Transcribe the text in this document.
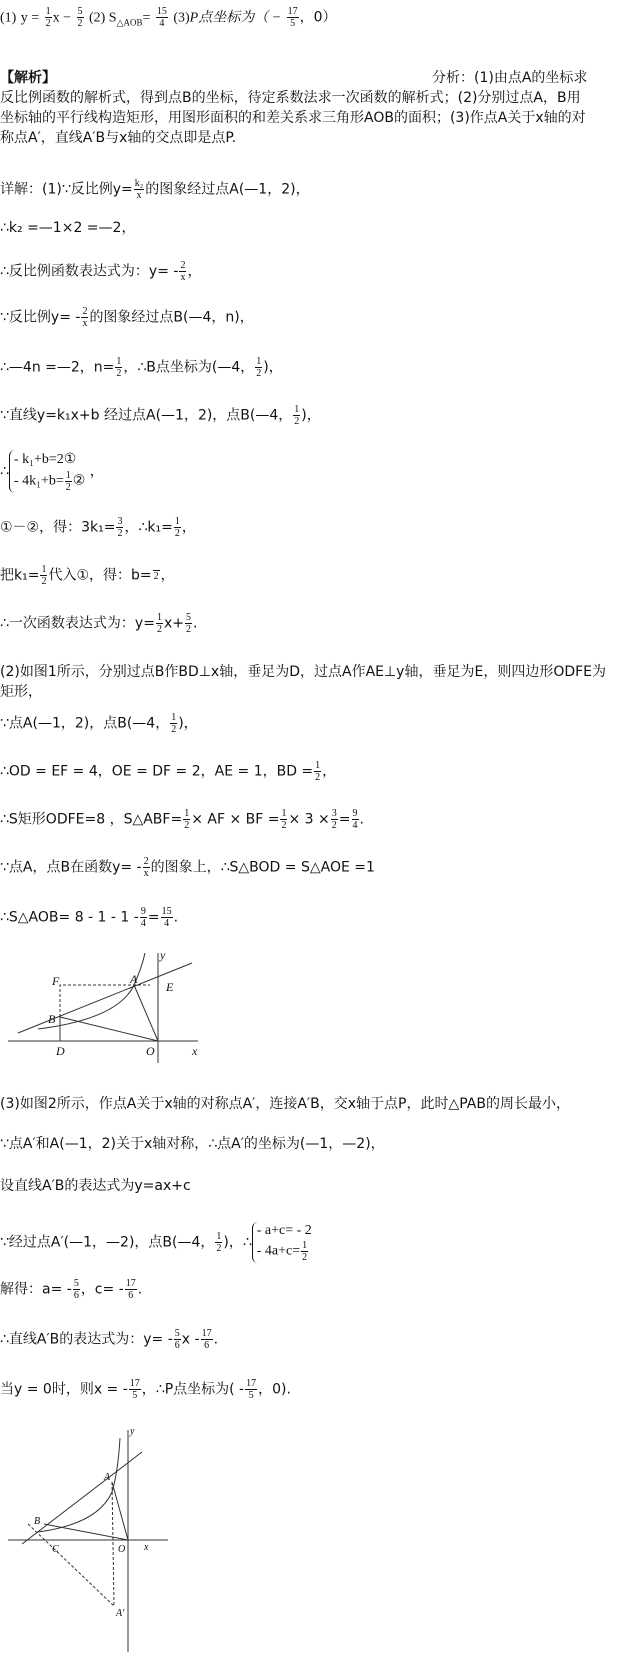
(1) $y = \frac{1}{2}$ $x - \frac{5}{2} (2)$ $S_{\triangle AOB}= \frac{15}{4} (3)P$点坐标为（ − $\frac{17}{5}$ ，0）
【解析】	分析：(1)由点A的坐标求
反比例函数的解析式，得到点B的坐标，待定系数法求一次函数的解析式；(2)分别过点A，B用
坐标轴的平行线构造矩形，用图形面积的和差关系求三角形AOB的面积；(3)作点A关于x轴的对
称点A′，直线A′B与x轴的交点即是点P.
详解：(1)∵反比例$y= \frac{\text{k₂}}{x}$ 的图象经过点A(—1，2)，
∴k₂ =—1×2 =—2，
∴反比例函数表达式为：$y= - \frac{2}{x}$ ，
∵反比例$y= - \frac{2}{x}$ 的图象经过点B(—4，n)，
∴—4n =—2，$n= \frac{1}{2}$ ，∴B点坐标为(—4， $\frac{1}{2}$ )，
∵直线y=k₁x+b 经过点A(—1，2)，点B(—4， $\frac{1}{2}$ )，
∴- k₁+b=2①
- $4k_1+b= \frac{1}{2}$ ② ，
①－②，得：$3k_1= \frac{3}{2}$ ，∴k₁= $\frac{1}{2}$ ，
把$k_1= \frac{1}{2}$ 代入①，得：b= 2 ，
∴一次函数表达式为：$y= \frac{1}{2} x+ \frac{5}{2}$ .
(2)如图1所示，分别过点B作BD⊥x轴，垂足为D，过点A作AE⊥y轴，垂足为E，则四边形ODFE为
矩形，
∵点A(—1，2)，点B(—4， $\frac{1}{2}$ )，
∴OD = EF = 4，OE = DF = 2，AE = 1，BD = $\frac{1}{2}$ ，
∴S矩形ODFE=8 ，S△ABF= $\frac{1}{2}$ × AF × BF = $\frac{1}{2} \times 3 \times \frac{3}{2} = \frac{9}{4}$ .
∵点A，点B在函数$y= - \frac{2}{x}$ 的图象上，∴S△BOD = S△AOE =1
∴S△AOB= $8 - 1 - 1 - \frac{9}{4} = \frac{15}{4}$ .
y
x
O
A
B
D
E
F
(3)如图2所示，作点A关于x轴的对称点A′，连接A′B，交x轴于点P，此时△PAB的周长最小，
∵点A′和A(—1，2)关于x轴对称，∴点A′的坐标为(—1，—2)，
设直线A′B的表达式为y=ax+c
∵经过点A′(—1，—2)，点B(—4， $\frac{1}{2}$ )，∴- a+c= - 2
- $4a+c= \frac{1}{2}$
解得：$a= - \frac{5}{6}$ ，$c= - \frac{17}{6}$ .
∴直线A′B的表达式为：$y= - \frac{5}{6}$ x - $\frac{17}{6}$ .
当y = 0时，则x = - $\frac{17}{5}$ ，∴P点坐标为( - $\frac{17}{5}$ ，0).
y
x
O
A
B
C
A′
